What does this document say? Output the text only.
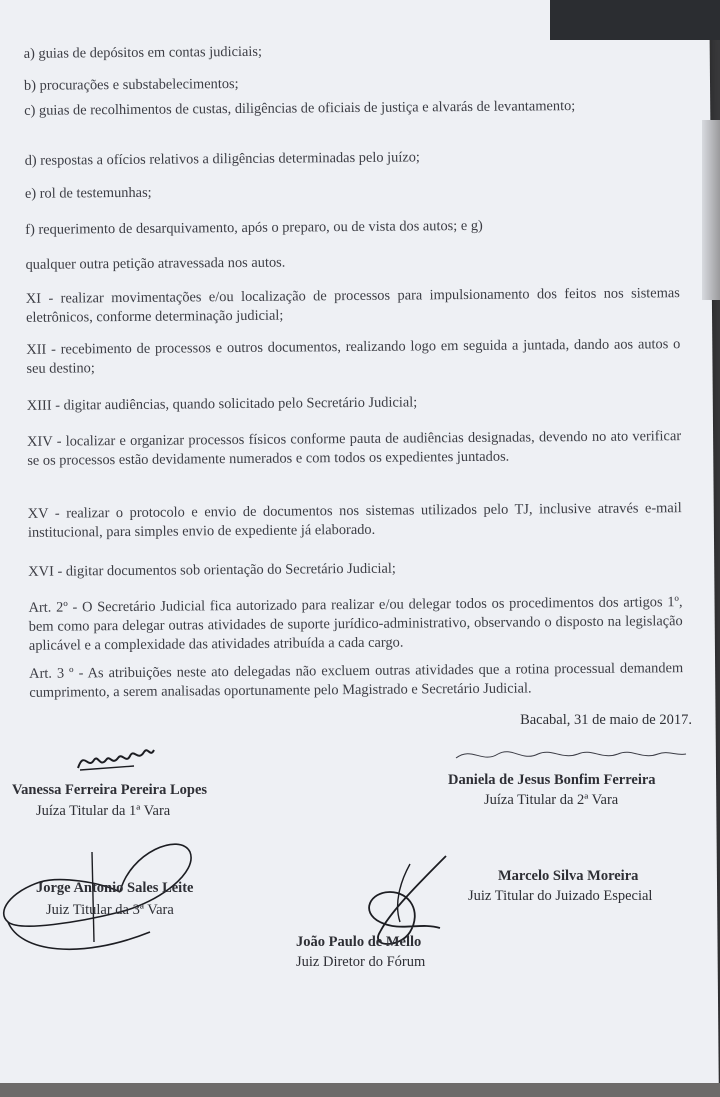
a) guias de depósitos em contas judiciais;
b) procurações e substabelecimentos;
c) guias de recolhimentos de custas, diligências de oficiais de justiça e alvarás de levantamento;
d) respostas a ofícios relativos a diligências determinadas pelo juízo;
e) rol de testemunhas;
f) requerimento de desarquivamento, após o preparo, ou de vista dos autos; e g)
qualquer outra petição atravessada nos autos.
XI - realizar movimentações e/ou localização de processos para impulsionamento dos feitos nos sistemas eletrônicos, conforme determinação judicial;
XII - recebimento de processos e outros documentos, realizando logo em seguida a juntada, dando aos autos o seu destino;
XIII - digitar audiências, quando solicitado pelo Secretário Judicial;
XIV - localizar e organizar processos físicos conforme pauta de audiências designadas, devendo no ato verificar se os processos estão devidamente numerados e com todos os expedientes juntados.
XV - realizar o protocolo e envio de documentos nos sistemas utilizados pelo TJ, inclusive através e-mail institucional, para simples envio de expediente já elaborado.
XVI - digitar documentos sob orientação do Secretário Judicial;
Art. 2º - O Secretário Judicial fica autorizado para realizar e/ou delegar todos os procedimentos dos artigos 1º, bem como para delegar outras atividades de suporte jurídico-administrativo, observando o disposto na legislação aplicável e a complexidade das atividades atribuída a cada cargo.
Art. 3 º - As atribuições neste ato delegadas não excluem outras atividades que a rotina processual demandem cumprimento, a serem analisadas oportunamente pelo Magistrado e Secretário Judicial.
Bacabal, 31 de maio de 2017.
Vanessa Ferreira Pereira Lopes
Juíza Titular da 1ª Vara
Daniela de Jesus Bonfim Ferreira
Juíza Titular da 2ª Vara
Jorge Antonio Sales Leite
Juiz Titular da 3ª Vara
Marcelo Silva Moreira
Juiz Titular do Juizado Especial
João Paulo de Mello
Juiz Diretor do Fórum
